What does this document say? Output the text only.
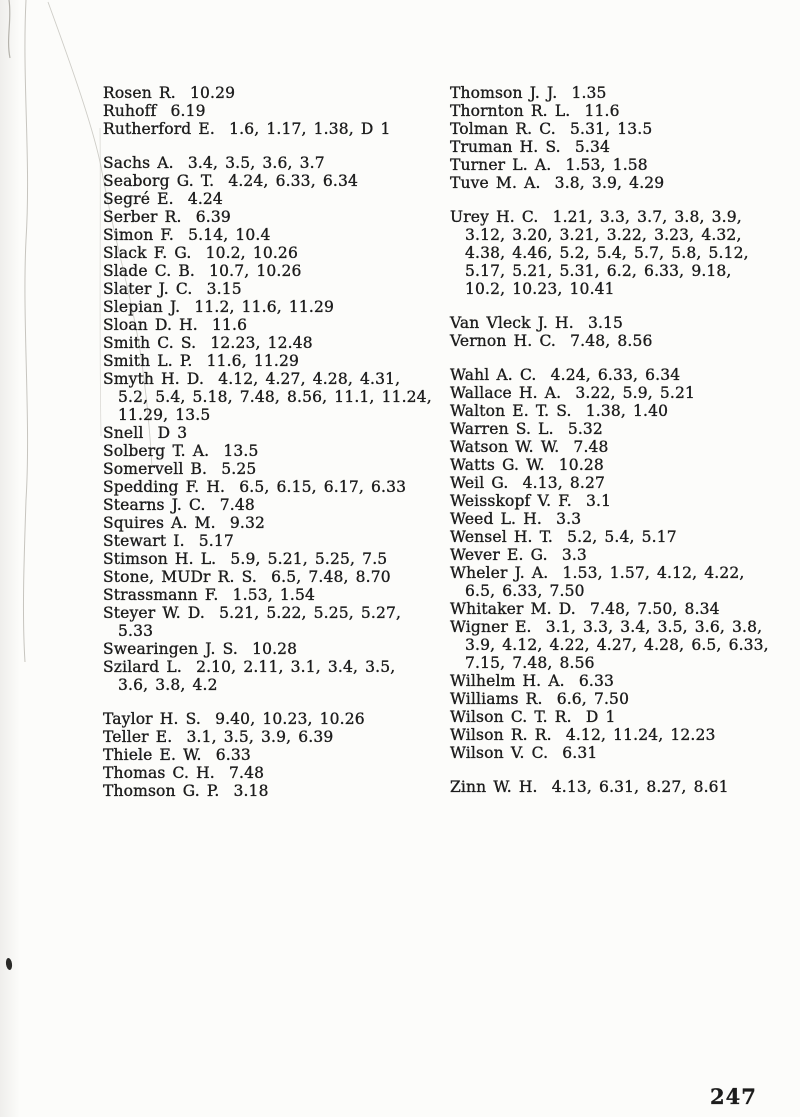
Rosen R.  10.29
Ruhoff  6.19
Rutherford E.  1.6, 1.17, 1.38, D 1
Sachs A.  3.4, 3.5, 3.6, 3.7
Seaborg G. T.  4.24, 6.33, 6.34
Segré E.  4.24
Serber R.  6.39
Simon F.  5.14, 10.4
Slack F. G.  10.2, 10.26
Slade C. B.  10.7, 10.26
Slater J. C.  3.15
Slepian J.  11.2, 11.6, 11.29
Sloan D. H.  11.6
Smith C. S.  12.23, 12.48
Smith L. P.  11.6, 11.29
Smyth H. D.  4.12, 4.27, 4.28, 4.31,
5.2, 5.4, 5.18, 7.48, 8.56, 11.1, 11.24,
11.29, 13.5
Snell  D 3
Solberg T. A.  13.5
Somervell B.  5.25
Spedding F. H.  6.5, 6.15, 6.17, 6.33
Stearns J. C.  7.48
Squires A. M.  9.32
Stewart I.  5.17
Stimson H. L.  5.9, 5.21, 5.25, 7.5
Stone, MUDr R. S.  6.5, 7.48, 8.70
Strassmann F.  1.53, 1.54
Steyer W. D.  5.21, 5.22, 5.25, 5.27,
5.33
Swearingen J. S.  10.28
Szilard L.  2.10, 2.11, 3.1, 3.4, 3.5,
3.6, 3.8, 4.2
Taylor H. S.  9.40, 10.23, 10.26
Teller E.  3.1, 3.5, 3.9, 6.39
Thiele E. W.  6.33
Thomas C. H.  7.48
Thomson G. P.  3.18
Thomson J. J.  1.35
Thornton R. L.  11.6
Tolman R. C.  5.31, 13.5
Truman H. S.  5.34
Turner L. A.  1.53, 1.58
Tuve M. A.  3.8, 3.9, 4.29
Urey H. C.  1.21, 3.3, 3.7, 3.8, 3.9,
3.12, 3.20, 3.21, 3.22, 3.23, 4.32,
4.38, 4.46, 5.2, 5.4, 5.7, 5.8, 5.12,
5.17, 5.21, 5.31, 6.2, 6.33, 9.18,
10.2, 10.23, 10.41
Van Vleck J. H.  3.15
Vernon H. C.  7.48, 8.56
Wahl A. C.  4.24, 6.33, 6.34
Wallace H. A.  3.22, 5.9, 5.21
Walton E. T. S.  1.38, 1.40
Warren S. L.  5.32
Watson W. W.  7.48
Watts G. W.  10.28
Weil G.  4.13, 8.27
Weisskopf V. F.  3.1
Weed L. H.  3.3
Wensel H. T.  5.2, 5.4, 5.17
Wever E. G.  3.3
Wheler J. A.  1.53, 1.57, 4.12, 4.22,
6.5, 6.33, 7.50
Whitaker M. D.  7.48, 7.50, 8.34
Wigner E.  3.1, 3.3, 3.4, 3.5, 3.6, 3.8,
3.9, 4.12, 4.22, 4.27, 4.28, 6.5, 6.33,
7.15, 7.48, 8.56
Wilhelm H. A.  6.33
Williams R.  6.6, 7.50
Wilson C. T. R.  D 1
Wilson R. R.  4.12, 11.24, 12.23
Wilson V. C.  6.31
Zinn W. H.  4.13, 6.31, 8.27, 8.61
247
